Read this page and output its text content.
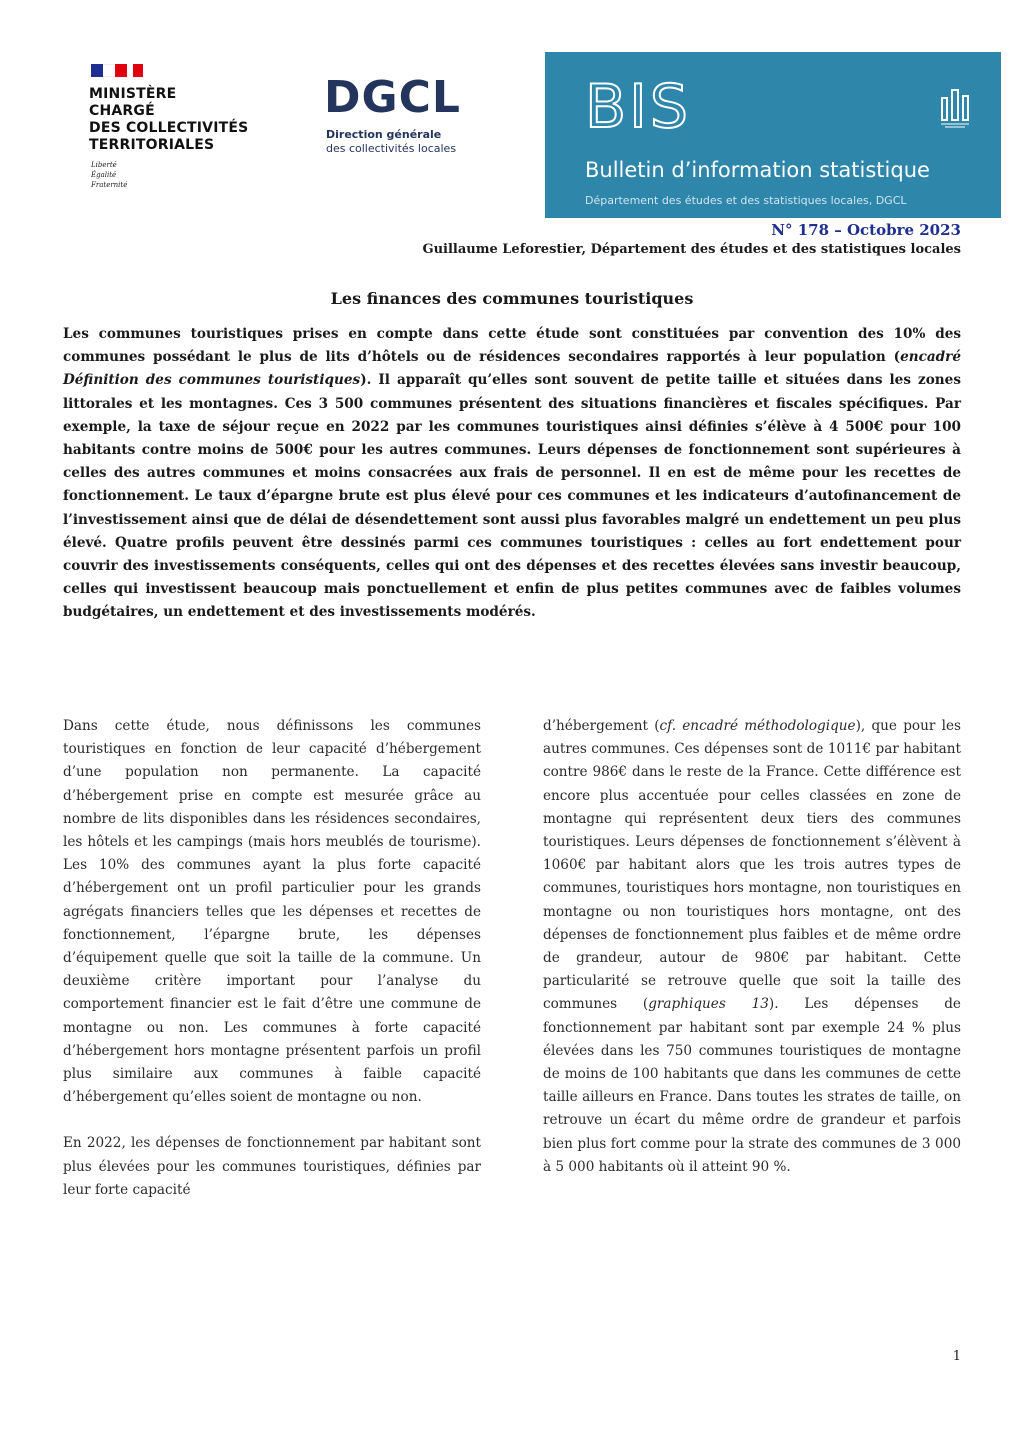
MINISTÈRE
CHARGÉ
DES COLLECTIVITÉS
TERRITORIALES
Liberté
Égalité
Fraternité
DGCL
Direction générale
des collectivités locales
BIS
Bulletin d’information statistique
Département des études et des statistiques locales, DGCL
N° 178 – Octobre 2023
Guillaume Leforestier, Département des études et des statistiques locales
Les finances des communes touristiques

Les communes touristiques prises en compte dans cette étude sont constituées par convention des 10% des communes possédant le plus de lits d’hôtels ou de résidences secondaires rapportés à leur population (encadré Définition des communes touristiques). Il apparaît qu’elles sont souvent de petite taille et situées dans les zones littorales et les montagnes. Ces 3 500 communes présentent des situations financières et fiscales spécifiques. Par exemple, la taxe de séjour reçue en 2022 par les communes touristiques ainsi définies s’élève à 4 500€ pour 100 habitants contre moins de 500€ pour les autres communes. Leurs dépenses de fonctionnement sont supérieures à celles des autres communes et moins consacrées aux frais de personnel. Il en est de même pour les recettes de fonctionnement. Le taux d’épargne brute est plus élevé pour ces communes et les indicateurs d’autofinancement de l’investissement ainsi que de délai de désendettement sont aussi plus favorables malgré un endettement un peu plus élevé. Quatre profils peuvent être dessinés parmi ces communes touristiques : celles au fort endettement pour couvrir des investissements conséquents, celles qui ont des dépenses et des recettes élevées sans investir beaucoup, celles qui investissent beaucoup mais ponctuellement et enfin de plus petites communes avec de faibles volumes budgétaires, un endettement et des investissements modérés.

Dans cette étude, nous définissons les communes touristiques en fonction de leur capacité d’hébergement d’une population non permanente. La capacité d’hébergement prise en compte est mesurée grâce au nombre de lits disponibles dans les résidences secondaires, les hôtels et les campings (mais hors meublés de tourisme). Les 10% des communes ayant la plus forte capacité d’hébergement ont un profil particulier pour les grands agrégats financiers telles que les dépenses et recettes de fonctionnement, l’épargne brute, les dépenses d’équipement quelle que soit la taille de la commune. Un deuxième critère important pour l’analyse du comportement financier est le fait d’être une commune de montagne ou non. Les communes à forte capacité d’hébergement hors montagne présentent parfois un profil plus similaire aux communes à faible capacité d’hébergement qu’elles soient de montagne ou non.

En 2022, les dépenses de fonctionnement par habitant sont plus élevées pour les communes touristiques, définies par leur forte capacité

d’hébergement (cf. encadré méthodologique), que pour les autres communes. Ces dépenses sont de 1011€ par habitant contre 986€ dans le reste de la France. Cette différence est encore plus accentuée pour celles classées en zone de montagne qui représentent deux tiers des communes touristiques. Leurs dépenses de fonctionnement s’élèvent à 1060€ par habitant alors que les trois autres types de communes, touristiques hors montagne, non touristiques en montagne ou non touristiques hors montagne, ont des dépenses de fonctionnement plus faibles et de même ordre de grandeur, autour de 980€ par habitant. Cette particularité se retrouve quelle que soit la taille des communes (graphiques 13). Les dépenses de fonctionnement par habitant sont par exemple 24 % plus élevées dans les 750 communes touristiques de montagne de moins de 100 habitants que dans les communes de cette taille ailleurs en France. Dans toutes les strates de taille, on retrouve un écart du même ordre de grandeur et parfois bien plus fort comme pour la strate des communes de 3 000 à 5 000 habitants où il atteint 90 %.

1
